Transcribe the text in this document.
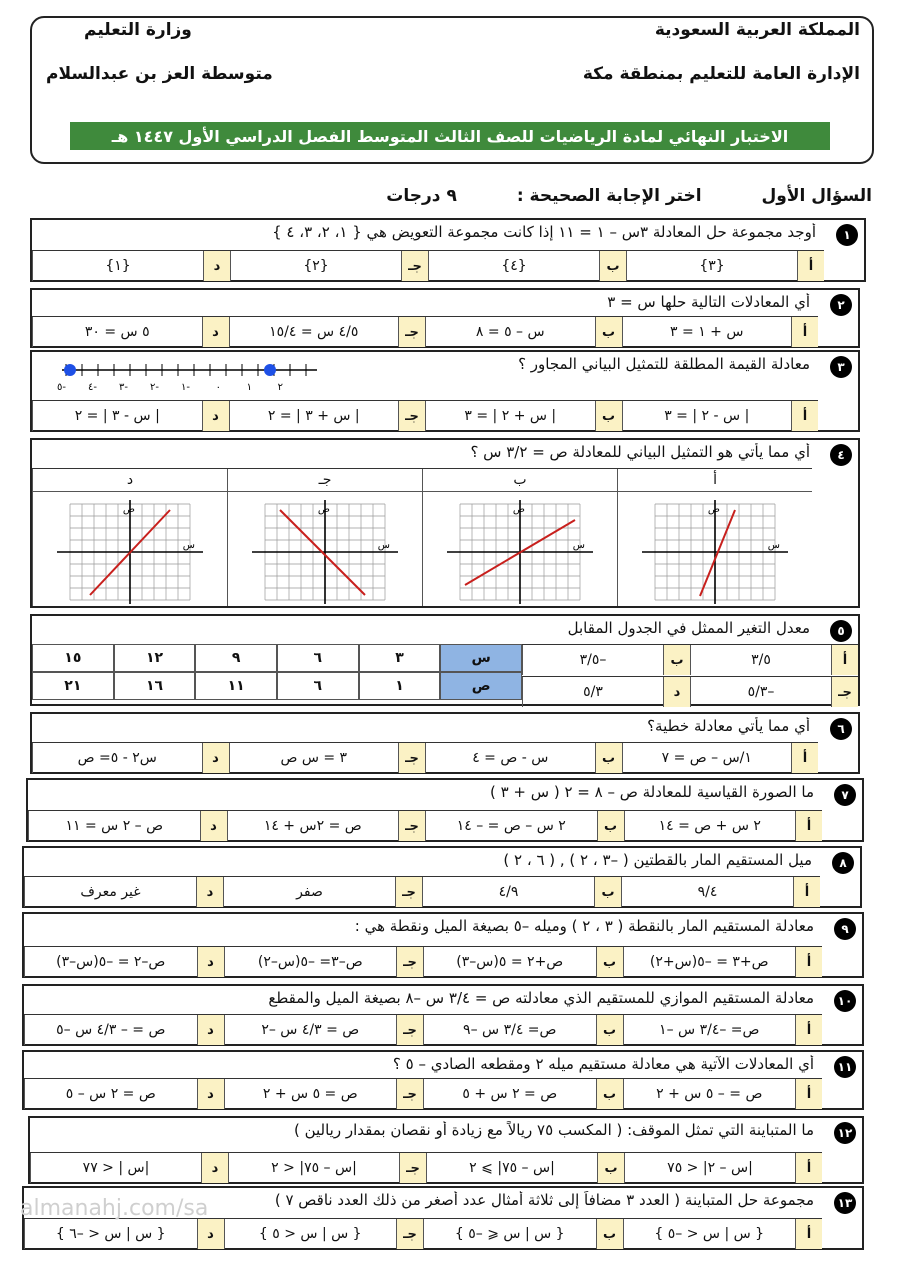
المملكة العربية السعودية
الإدارة العامة للتعليم بمنطقة مكة
وزارة التعليم
متوسطة العز بن عبدالسلام
الاختبار النهائي لمادة الرياضيات للصف الثالث المتوسط الفصل الدراسي الأول ١٤٤٧ هـ
السؤال الأول
اختر الإجابة الصحيحة :
٩ درجات
١
أوجد مجموعة حل المعادلة ٣س – ١ = ١١ إذا كانت مجموعة التعويض هي { ١، ٢، ٣، ٤ }
أ
{٣}
ب
{٤}
جـ
{٢}
د
{١}
٢
أي المعادلات التالية حلها س = ٣
أ
س + ١ = ٣
ب
س – ٥ = ٨
جـ
٤/٥ س = ١٥/٤
د
٥ س = ٣٠
٣
معادلة القيمة المطلقة للتمثيل البياني المجاور ؟
-٥ -٤ -٣ -٢ -١	٠	١	٢
أ
| س - ٢ | = ٣
ب
| س + ٢ | = ٣
جـ
| س + ٣ | = ٢
د
| س - ٣ | = ٢
٤
أي مما يأتي هو التمثيل البياني للمعادلة ص = ٣/٢ س ؟
أ
س
ص
ب
س
ص
جـ
س
ص
د
س
ص
٥
معدل التغير الممثل في الجدول المقابل
١٥	١٢	٩	٦	٣	س
٢١	١٦	١١	٦	١	ص
أ
٣/٥
ب
–٣/٥
جـ
–٥/٣
د
٥/٣
٦
أي مما يأتي معادلة خطية؟
أ
١/س – ص = ٧
ب
س - ص = ٤
جـ
٣ = س ص
د
س٢ - ٥= ص
٧
ما الصورة القياسية للمعادلة ص – ٨ = ٢ ( س + ٣ )
أ
٢ س + ص = ١٤
ب
٢ س – ص = – ١٤
جـ
ص = ٢س + ١٤
د
ص – ٢ س = ١١
٨
ميل المستقيم المار بالقطتين ( –٣ ، ٢ ) , ( ٦ ، ٢ )
أ
٩/٤
ب
٤/٩
جـ
صفر
د
غير معرف
٩
معادلة المستقيم المار بالنقطة ( ٣ ، ٢ ) وميله –٥ بصيغة الميل ونقطة هي :
أ
ص+٣ = –٥(س+٢)
ب
ص+٢ = ٥(س–٣)
جـ
ص–٣= –٥(س–٢)
د
ص–٢ = –٥(س–٣)
١٠
معادلة المستقيم الموازي للمستقيم الذي معادلته ص = ٣/٤ س –٨ بصيغة الميل والمقطع
أ
ص= –٣/٤ س –١
ب
ص= ٣/٤ س –٩
جـ
ص = ٤/٣ س –٢
د
ص = – ٤/٣ س –٥
١١
أي المعادلات الآتية هي معادلة مستقيم ميله ٢ ومقطعه الصادي – ٥ ؟
أ
ص = – ٥ س + ٢
ب
ص = ٢ س + ٥
جـ
ص = ٥ س + ٢
د
ص = ٢ س – ٥
١٢
ما المتباينة التي تمثل الموقف: ( المكسب ٧٥ ريالاً مع زيادة أو نقصان بمقدار ريالين )
أ
|س – ٢| < ٧٥
ب
|س – ٧٥| ⩾ ٢
جـ
|س – ٧٥| < ٢
د
|س | < ٧٧
١٣
مجموعة حل المتباينة ( العدد ٣ مضافاً إلى ثلاثة أمثال عدد أصغر من ذلك العدد ناقص ٧ )
أ
{ س | س < –٥ }
ب
{ س | س ⩽ –٥ }
جـ
{ س | س < ٥ }
د
{ س | س < –٦ }
almanahj.com/sa
